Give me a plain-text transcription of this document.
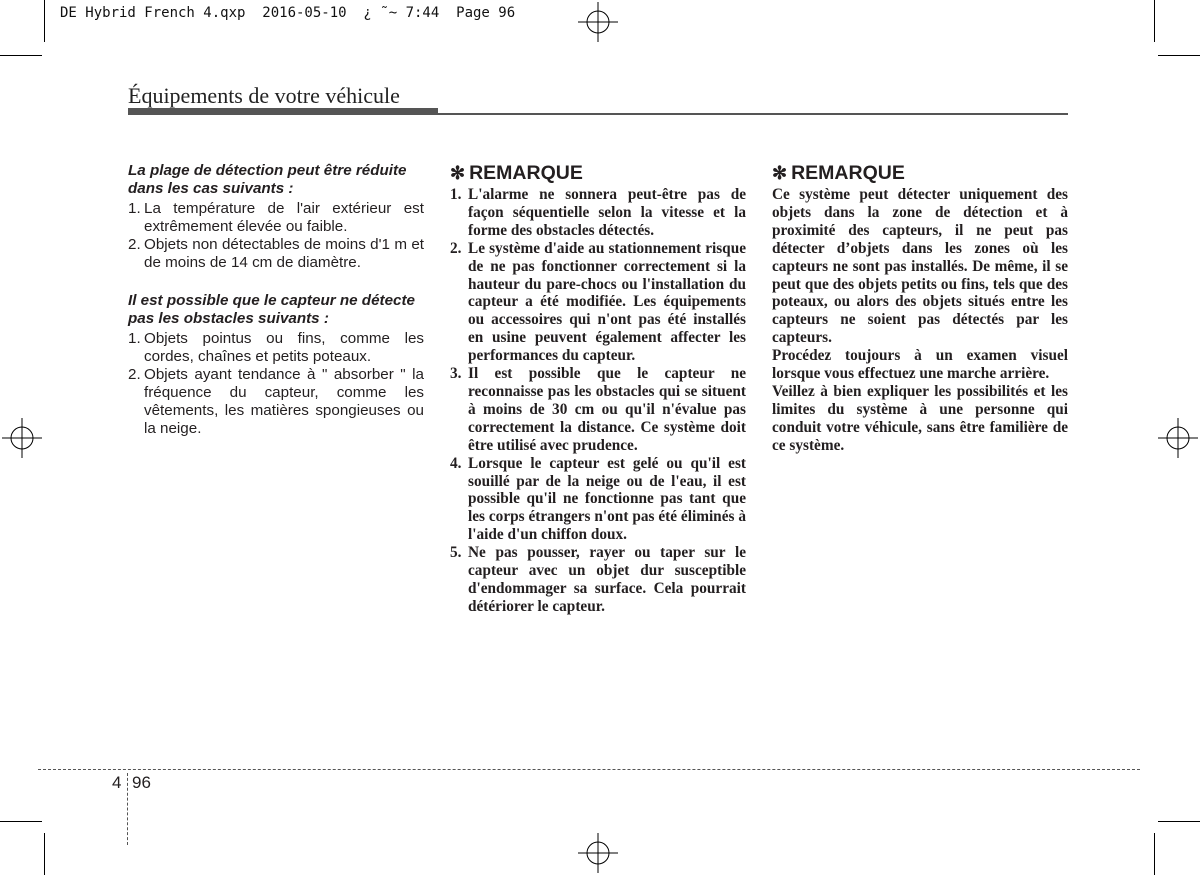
DE Hybrid French 4.qxp  2016-05-10  ¿ ˜~ 7:44  Page 96
Équipements de votre véhicule

La plage de détection peut être réduite dans les cas suivants :

1. La température de l'air extérieur est extrêmement élevée ou faible.
2. Objets non détectables de moins d'1 m et de moins de 14 cm de diamètre.

Il est possible que le capteur ne détecte pas les obstacles suivants :

1. Objets pointus ou fins, comme les cordes, chaînes et petits poteaux.
2. Objets ayant tendance à " absorber " la fréquence du capteur, comme les vêtements, les matières spongieuses ou la neige.
✻ REMARQUE
1. L'alarme ne sonnera peut-être pas de façon séquentielle selon la vitesse et la forme des obstacles détectés.
2. Le système d'aide au stationnement risque de ne pas fonctionner correctement si la hauteur du pare-chocs ou l'installation du capteur a été modifiée. Les équipements ou accessoires qui n'ont pas été installés en usine peuvent également affecter les performances du capteur.
3. Il est possible que le capteur ne reconnaisse pas les obstacles qui se situent à moins de 30 cm ou qu'il n'évalue pas correctement la distance. Ce système doit être utilisé avec prudence.
4. Lorsque le capteur est gelé ou qu'il est souillé par de la neige ou de l'eau, il est possible qu'il ne fonctionne pas tant que les corps étrangers n'ont pas été éliminés à l'aide d'un chiffon doux.
5. Ne pas pousser, rayer ou taper sur le capteur avec un objet dur susceptible d'endommager sa surface. Cela pourrait détériorer le capteur.
✻ REMARQUE

Ce système peut détecter uniquement des objets dans la zone de détection et à proximité des capteurs, il ne peut pas détecter d’objets dans les zones où les capteurs ne sont pas installés. De même, il se peut que des objets petits ou fins, tels que des poteaux, ou alors des objets situés entre les capteurs ne soient pas détectés par les capteurs.

Procédez toujours à un examen visuel lorsque vous effectuez une marche arrière.

Veillez à bien expliquer les possibilités et les limites du système à une personne qui conduit votre véhicule, sans être familière de ce système.

4 96
